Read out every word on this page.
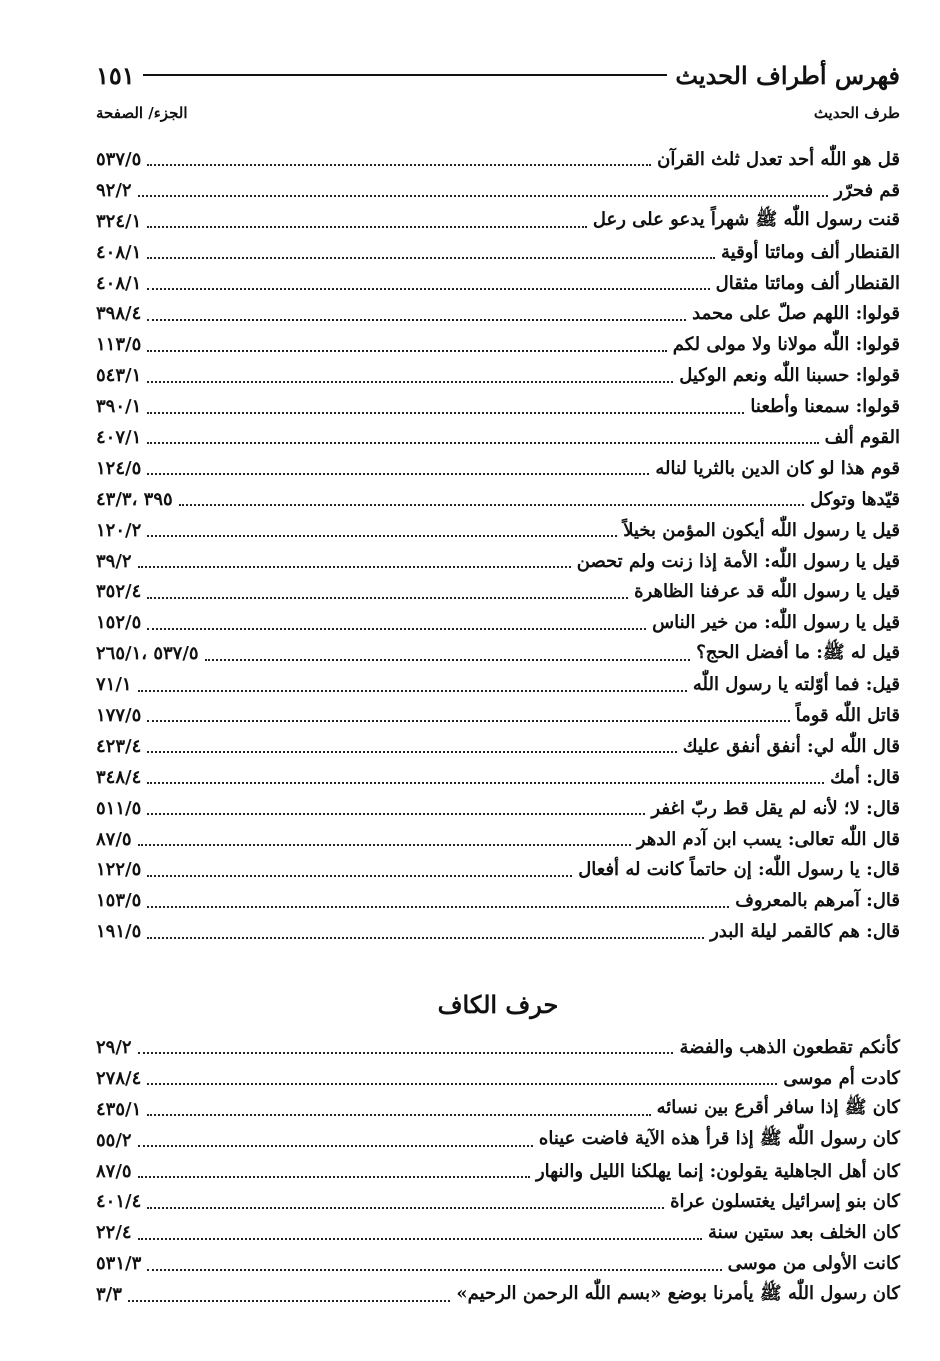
فهرس أطراف الحديث
١٥١
طرف الحديث
الجزء/ الصفحة
قل هو اللّٰه أحد تعدل ثلث القرآن
٥٣٧/٥
قم فحرّر
٩٢/٢
قنت رسول اللّٰه ﷺ شهراً يدعو على رعل
٣٢٤/١
القنطار ألف ومائتا أوقية
٤٠٨/١
القنطار ألف ومائتا مثقال
٤٠٨/١
قولوا: اللهم صلّ على محمد
٣٩٨/٤
قولوا: اللّٰه مولانا ولا مولى لكم
١١٣/٥
قولوا: حسبنا اللّٰه ونعم الوكيل
٥٤٣/١
قولوا: سمعنا وأطعنا
٣٩٠/١
القوم ألف
٤٠٧/١
قوم هذا لو كان الدين بالثريا لناله
١٢٤/٥
قيّدها وتوكل
٣٩٥ ،٤٣/٣
قيل يا رسول اللّٰه أيكون المؤمن بخيلاً
١٢٠/٢
قيل يا رسول اللّٰه: الأمة إذا زنت ولم تحصن
٣٩/٢
قيل يا رسول اللّٰه قد عرفنا الظاهرة
٣٥٢/٤
قيل يا رسول اللّٰه: من خير الناس
١٥٢/٥
قيل له ﷺ: ما أفضل الحج؟
٥٣٧/٥ ،٢٦٥/١
قيل: فما أوّلته يا رسول اللّٰه
٧١/١
قاتل اللّٰه قوماً
١٧٧/٥
قال اللّٰه لي: أنفق أنفق عليك
٤٢٣/٤
قال: أمك
٣٤٨/٤
قال: لا؛ لأنه لم يقل قط ربّ اغفر
٥١١/٥
قال اللّٰه تعالى: يسب ابن آدم الدهر
٨٧/٥
قال: يا رسول اللّٰه: إن حاتماً كانت له أفعال
١٢٢/٥
قال: آمرهم بالمعروف
١٥٣/٥
قال: هم كالقمر ليلة البدر
١٩١/٥
حرف الكاف
كأنكم تقطعون الذهب والفضة
٢٩/٢
كادت أم موسى
٢٧٨/٤
كان ﷺ إذا سافر أقرع بين نسائه
٤٣٥/١
كان رسول اللّٰه ﷺ إذا قرأ هذه الآية فاضت عيناه
٥٥/٢
كان أهل الجاهلية يقولون: إنما يهلكنا الليل والنهار
٨٧/٥
كان بنو إسرائيل يغتسلون عراة
٤٠١/٤
كان الخلف بعد ستين سنة
٢٢/٤
كانت الأولى من موسى
٥٣١/٣
كان رسول اللّٰه ﷺ يأمرنا بوضع «بسم اللّٰه الرحمن الرحيم»
٣/٣
